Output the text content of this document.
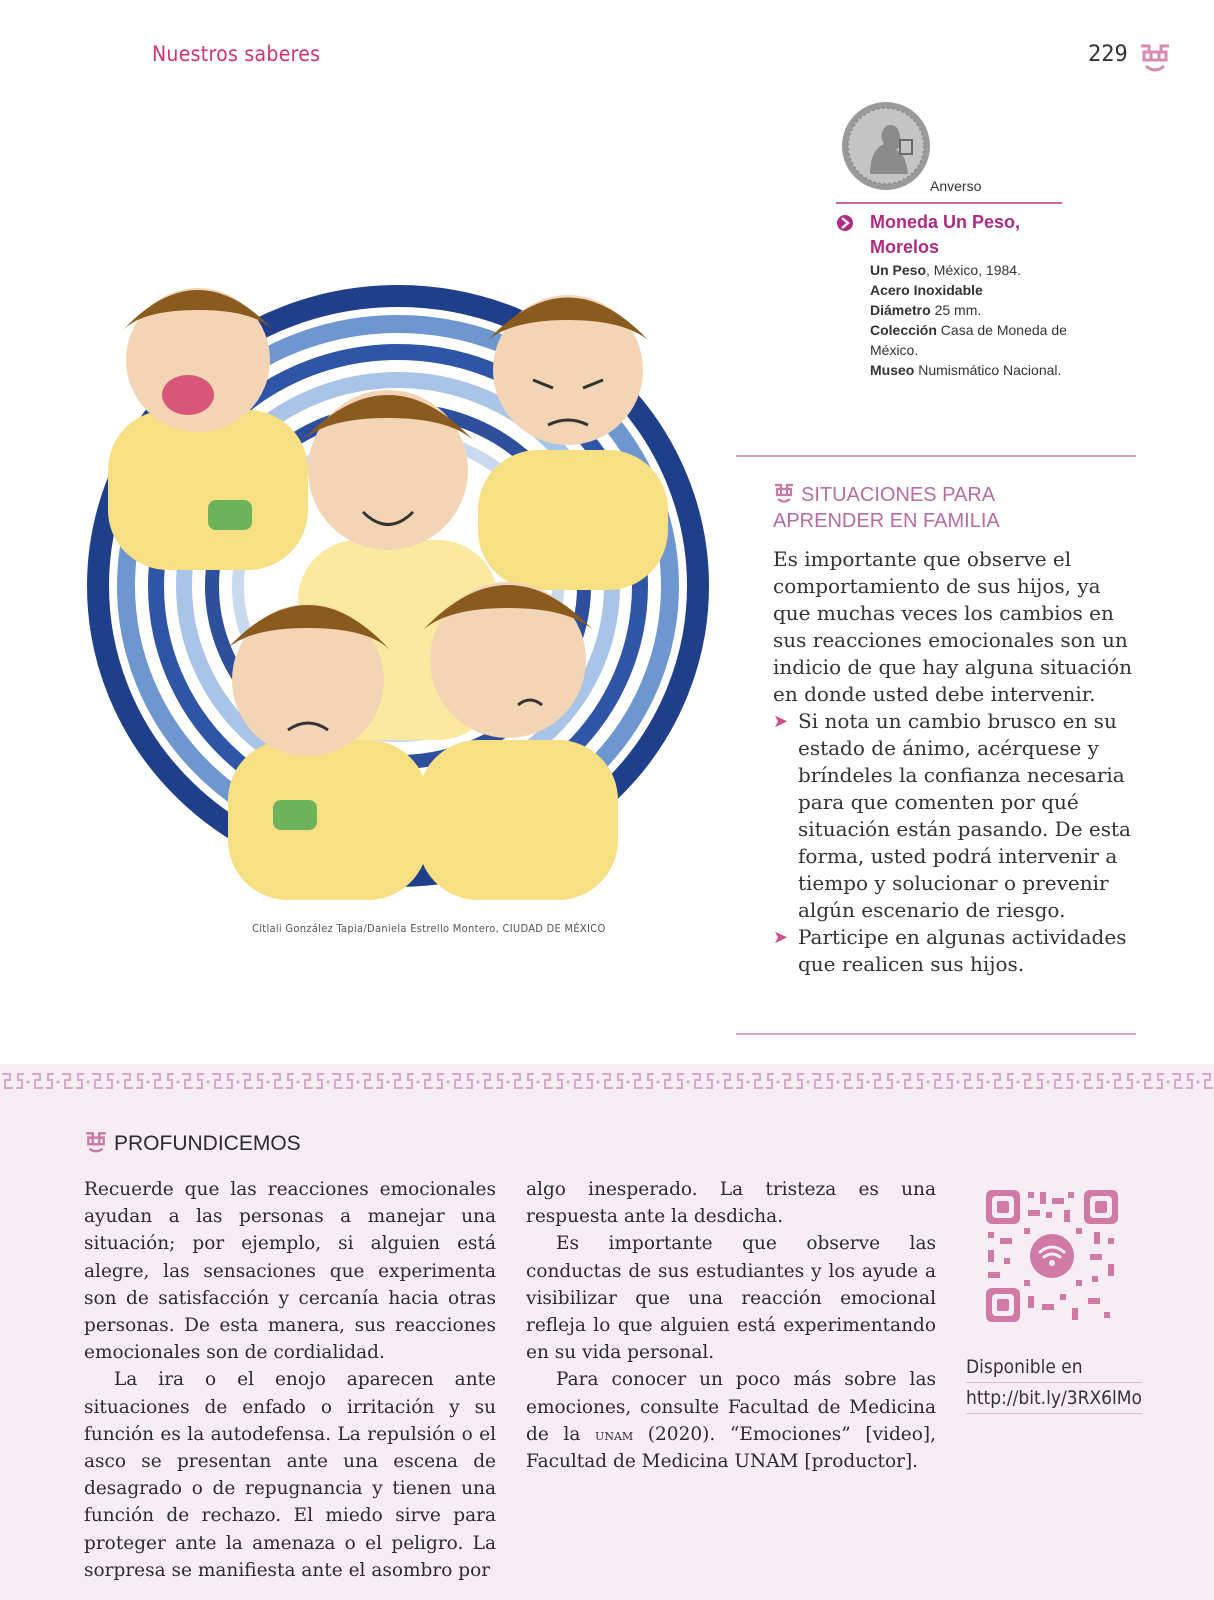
Nuestros saberes	229
Citlali González Tapia/Daniela Estrello Montero, CIUDAD DE MÉXICO
Anverso
Moneda Un Peso, Morelos
Un Peso, México, 1984.
Acero Inoxidable
Diámetro 25 mm.
Colección Casa de Moneda de México.
Museo Numismático Nacional.
SITUACIONES PARA APRENDER EN FAMILIA

Es importante que observe el comportamiento de sus hijos, ya que muchas veces los cambios en sus reacciones emocionales son un indicio de que hay alguna situación en donde usted debe intervenir.

➤ Si nota un cambio brusco en su estado de ánimo, acérquese y bríndeles la confianza necesaria para que comenten por qué situación están pasando. De esta forma, usted podrá intervenir a tiempo y solucionar o prevenir algún escenario de riesgo.
➤ Participe en algunas actividades que realicen sus hijos.
PROFUNDICEMOS

Recuerde que las reacciones emocionales ayudan a las personas a manejar una situación; por ejemplo, si alguien está alegre, las sensaciones que experimenta son de satisfacción y cercanía hacia otras personas. De esta manera, sus reacciones emocionales son de cordialidad.

La ira o el enojo aparecen ante situaciones de enfado o irritación y su función es la autodefensa. La repulsión o el asco se presentan ante una escena de desagrado o de repugnancia y tienen una función de rechazo. El miedo sirve para proteger ante la amenaza o el peligro. La sorpresa se manifiesta ante el asombro por

algo inesperado. La tristeza es una respuesta ante la desdicha.

Es importante que observe las conductas de sus estudiantes y los ayude a visibilizar que una reacción emocional refleja lo que alguien está experimentando en su vida personal.

Para conocer un poco más sobre las emociones, consulte Facultad de Medicina de la unam (2020). “Emociones” [video], Facultad de Medicina UNAM [productor].

Disponible en
http://bit.ly/3RX6lMo
